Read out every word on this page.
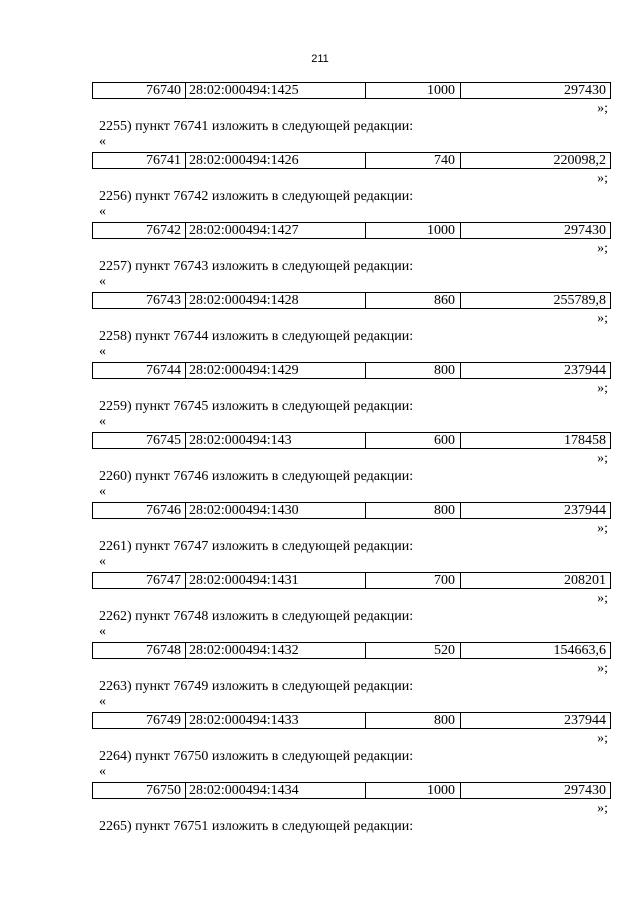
211
76740 28:02:000494:1425	1000	297430
»;
2255) пункт 76741 изложить в следующей редакции:
«
76741 28:02:000494:1426	740	220098,2
»;
2256) пункт 76742 изложить в следующей редакции:
«
76742 28:02:000494:1427	1000	297430
»;
2257) пункт 76743 изложить в следующей редакции:
«
76743 28:02:000494:1428	860	255789,8
»;
2258) пункт 76744 изложить в следующей редакции:
«
76744 28:02:000494:1429	800	237944
»;
2259) пункт 76745 изложить в следующей редакции:
«
76745 28:02:000494:143	600	178458
»;
2260) пункт 76746 изложить в следующей редакции:
«
76746 28:02:000494:1430	800	237944
»;
2261) пункт 76747 изложить в следующей редакции:
«
76747 28:02:000494:1431	700	208201
»;
2262) пункт 76748 изложить в следующей редакции:
«
76748 28:02:000494:1432	520	154663,6
»;
2263) пункт 76749 изложить в следующей редакции:
«
76749 28:02:000494:1433	800	237944
»;
2264) пункт 76750 изложить в следующей редакции:
«
76750 28:02:000494:1434	1000	297430
»;
2265) пункт 76751 изложить в следующей редакции:
